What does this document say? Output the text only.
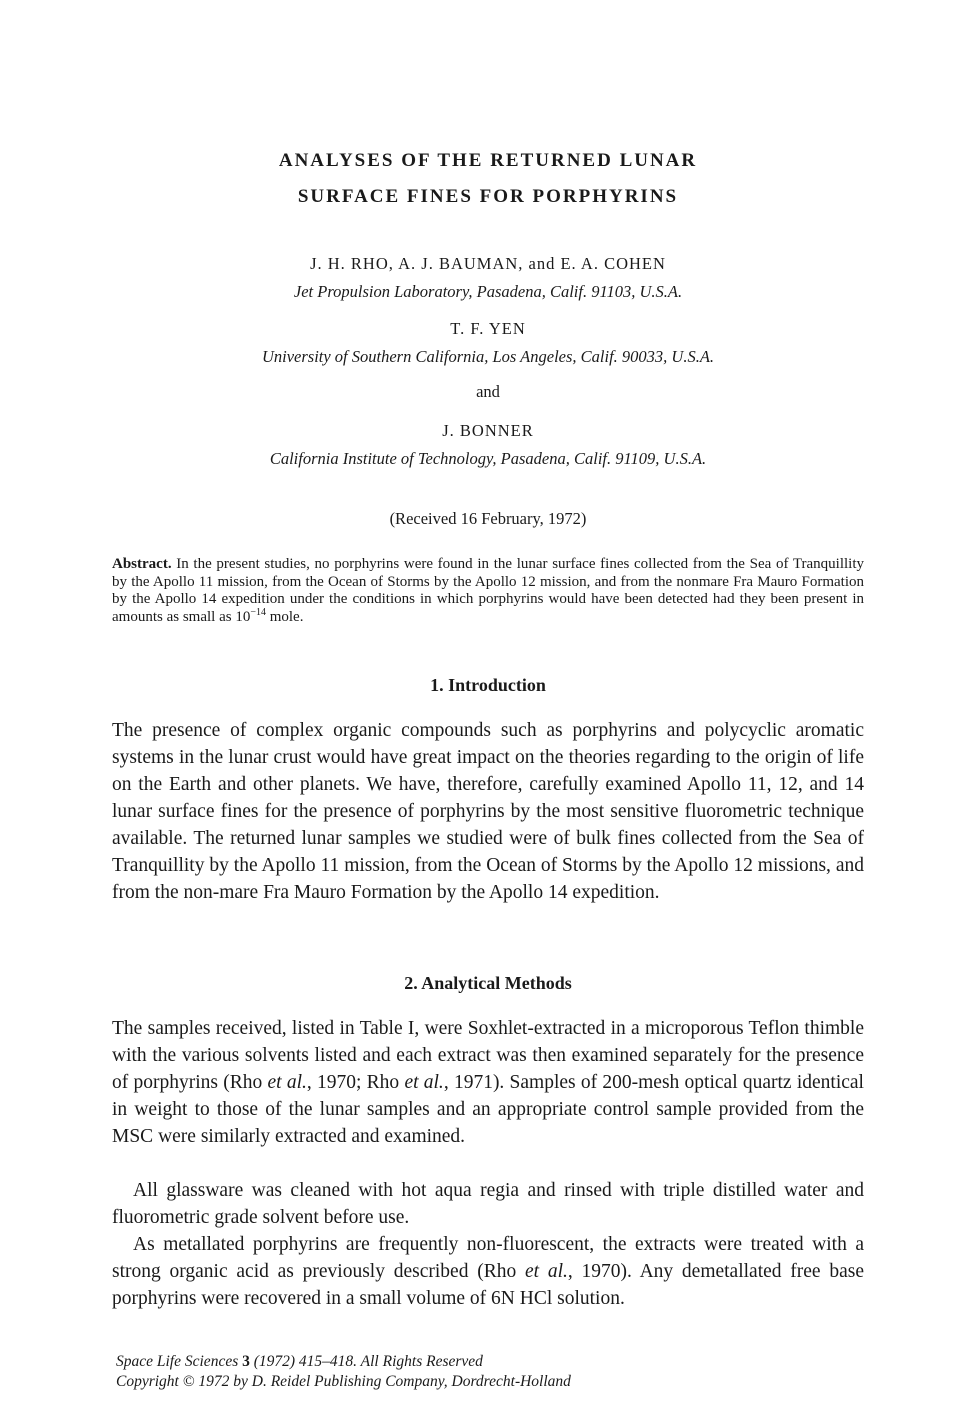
ANALYSES OF THE RETURNED LUNAR
SURFACE FINES FOR PORPHYRINS

J. H. RHO, A. J. BAUMAN, and E. A. COHEN

Jet Propulsion Laboratory, Pasadena, Calif. 91103, U.S.A.

T. F. YEN

University of Southern California, Los Angeles, Calif. 90033, U.S.A.

and

J. BONNER

California Institute of Technology, Pasadena, Calif. 91109, U.S.A.

(Received 16 February, 1972)

Abstract. In the present studies, no porphyrins were found in the lunar surface fines collected from the Sea of Tranquillity by the Apollo 11 mission, from the Ocean of Storms by the Apollo 12 mission, and from the nonmare Fra Mauro Formation by the Apollo 14 expedition under the conditions in which porphyrins would have been detected had they been present in amounts as small as $10^{-14}$ mole.

1. Introduction

The presence of complex organic compounds such as porphyrins and polycyclic aromatic systems in the lunar crust would have great impact on the theories regarding to the origin of life on the Earth and other planets. We have, therefore, carefully examined Apollo 11, 12, and 14 lunar surface fines for the presence of porphyrins by the most sensitive fluorometric technique available. The returned lunar samples we studied were of bulk fines collected from the Sea of Tranquillity by the Apollo 11 mission, from the Ocean of Storms by the Apollo 12 missions, and from the non-mare Fra Mauro Formation by the Apollo 14 expedition.

2. Analytical Methods

The samples received, listed in Table I, were Soxhlet-extracted in a microporous Teflon thimble with the various solvents listed and each extract was then examined separately for the presence of porphyrins (Rho et al., 1970; Rho et al., 1971). Samples of 200-mesh optical quartz identical in weight to those of the lunar samples and an appropriate control sample provided from the MSC were similarly extracted and examined.

All glassware was cleaned with hot aqua regia and rinsed with triple distilled water and fluorometric grade solvent before use.

As metallated porphyrins are frequently non-fluorescent, the extracts were treated with a strong organic acid as previously described (Rho et al., 1970). Any demetallated free base porphyrins were recovered in a small volume of 6N HCl solution.

Space Life Sciences 3 (1972) 415–418. All Rights Reserved
Copyright © 1972 by D. Reidel Publishing Company, Dordrecht-Holland
